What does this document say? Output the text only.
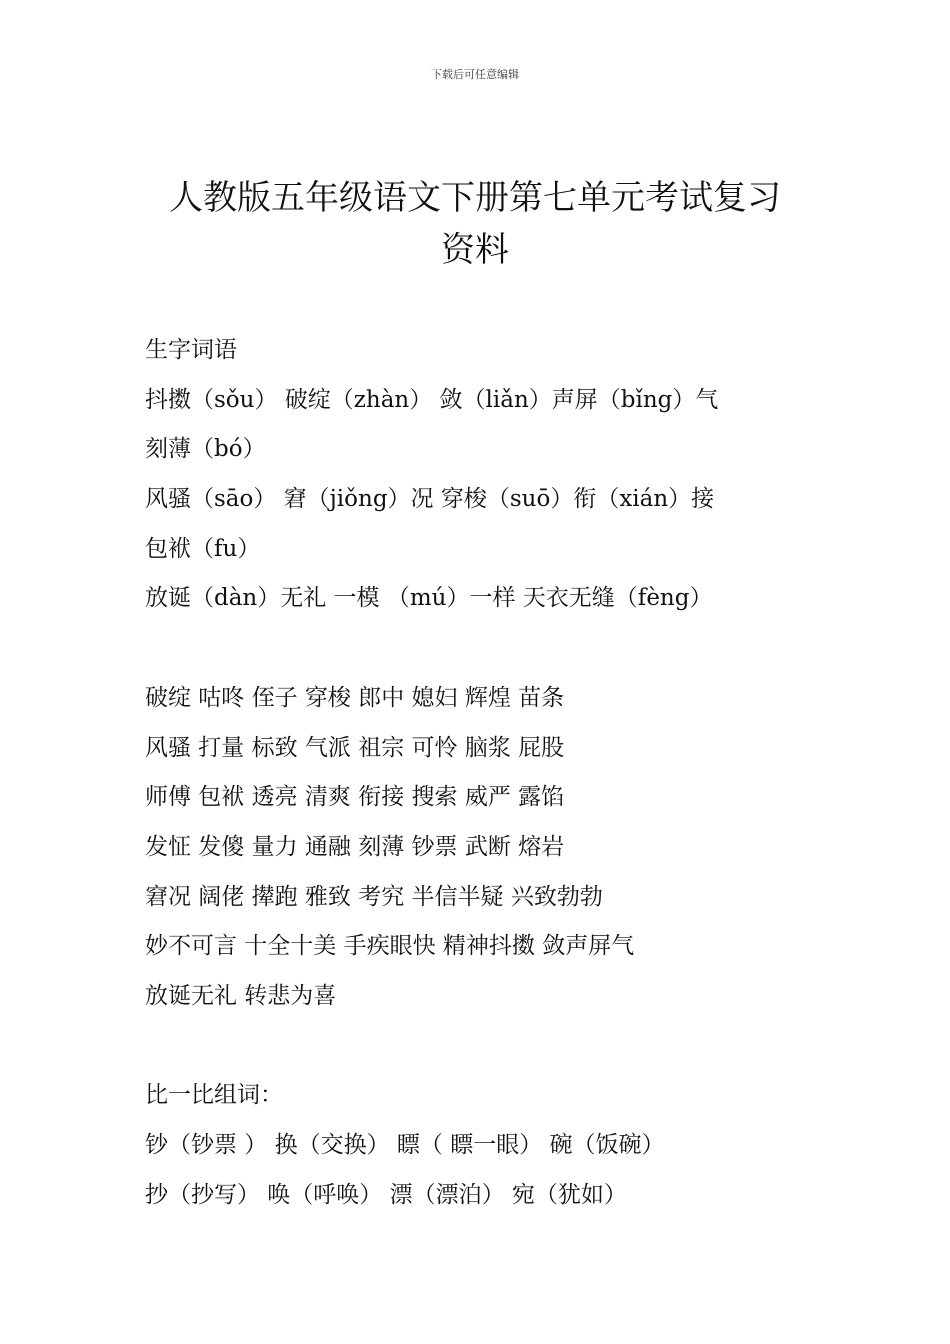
下载后可任意编辑
人教版五年级语文下册第七单元考试复习
资料
生字词语
抖擞（sǒu） 破绽（zhàn） 敛（liǎn）声屏（bǐng）气
刻薄（bó）
风骚（sāo） 窘（jiǒng）况 穿梭（suō）衔（xián）接
包袱（fu）
放诞（dàn）无礼 一模 （mú）一样 天衣无缝（fèng）
破绽 咕咚 侄子 穿梭 郎中 媳妇 辉煌 苗条
风骚 打量 标致 气派 祖宗 可怜 脑浆 屁股
师傅 包袱 透亮 清爽 衔接 搜索 威严 露馅
发怔 发傻 量力 通融 刻薄 钞票 武断 熔岩
窘况 阔佬 撵跑 雅致 考究 半信半疑 兴致勃勃
妙不可言 十全十美 手疾眼快 精神抖擞 敛声屏气
放诞无礼 转悲为喜
比一比组词：
钞（钞票 ） 换（交换） 瞟（ 瞟一眼） 碗（饭碗）
抄（抄写） 唤（呼唤） 漂（漂泊） 宛（犹如）
